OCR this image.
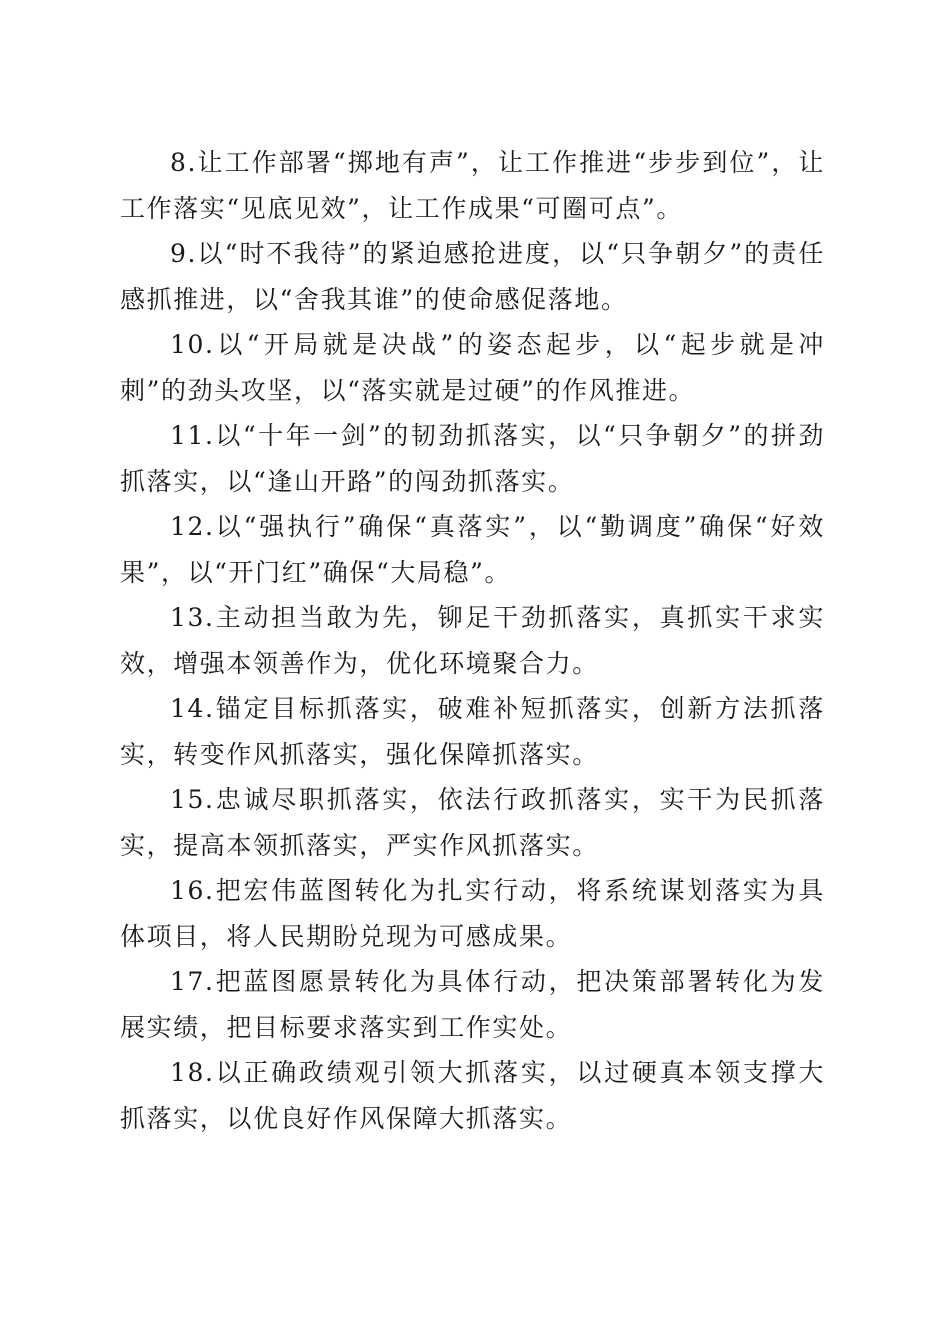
8.让工作部署“掷地有声”，让工作推进“步步到位”，让工作落实“见底见效”，让工作成果“可圈可点”。

9.以“时不我待”的紧迫感抢进度，以“只争朝夕”的责任感抓推进，以“舍我其谁”的使命感促落地。

10.以“开局就是决战”的姿态起步，以“起步就是冲刺”的劲头攻坚，以“落实就是过硬”的作风推进。

11.以“十年一剑”的韧劲抓落实，以“只争朝夕”的拼劲抓落实，以“逢山开路”的闯劲抓落实。

12.以“强执行”确保“真落实”，以“勤调度”确保“好效果”，以“开门红”确保“大局稳”。

13.主动担当敢为先，铆足干劲抓落实，真抓实干求实效，增强本领善作为，优化环境聚合力。

14.锚定目标抓落实，破难补短抓落实，创新方法抓落实，转变作风抓落实，强化保障抓落实。

15.忠诚尽职抓落实，依法行政抓落实，实干为民抓落实，提高本领抓落实，严实作风抓落实。

16.把宏伟蓝图转化为扎实行动，将系统谋划落实为具体项目，将人民期盼兑现为可感成果。

17.把蓝图愿景转化为具体行动，把决策部署转化为发展实绩，把目标要求落实到工作实处。

18.以正确政绩观引领大抓落实，以过硬真本领支撑大抓落实，以优良好作风保障大抓落实。
